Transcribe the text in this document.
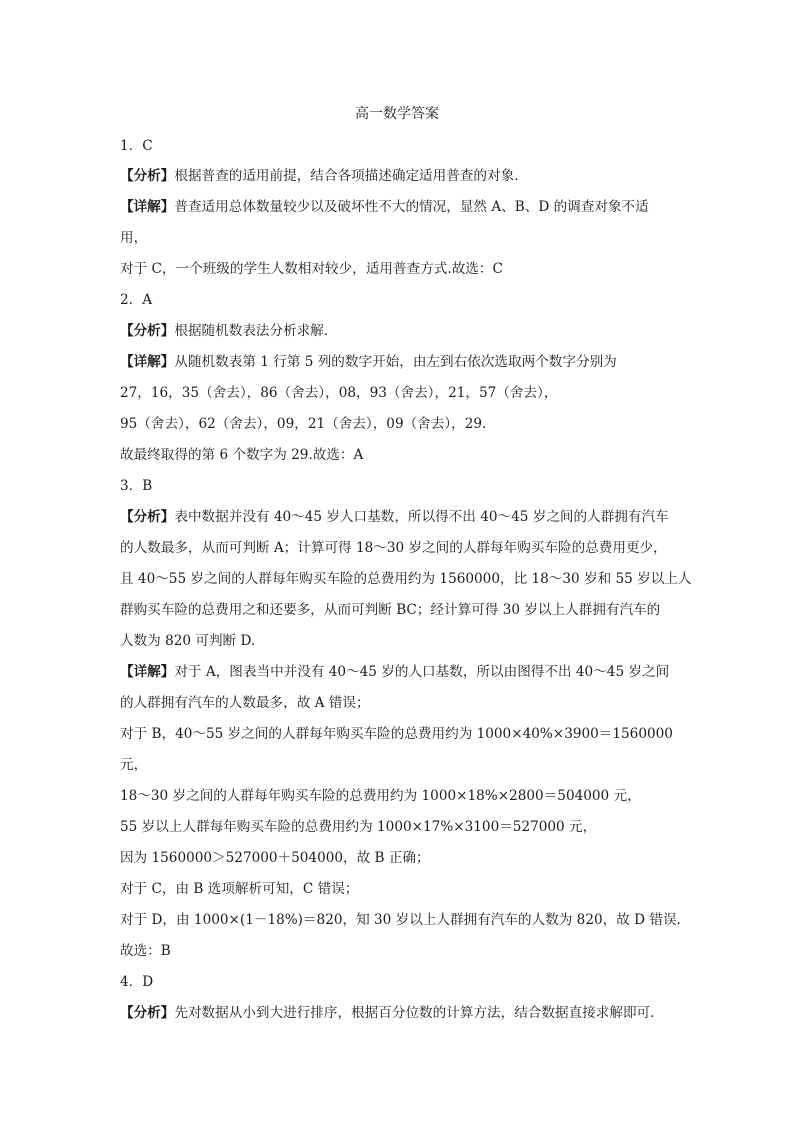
高一数学答案
1．C
【分析】根据普查的适用前提，结合各项描述确定适用普查的对象.
【详解】普查适用总体数量较少以及破坏性不大的情况，显然 A、B、D 的调查对象不适
用，
对于 C，一个班级的学生人数相对较少，适用普查方式.故选：C
2．A
【分析】根据随机数表法分析求解.
【详解】从随机数表第 1 行第 5 列的数字开始，由左到右依次选取两个数字分别为
27，16，35（舍去），86（舍去），08，93（舍去），21，57（舍去），
95（舍去），62（舍去），09，21（舍去），09（舍去），29.
故最终取得的第 6 个数字为 29.故选：A
3．B
【分析】表中数据并没有 40～45 岁人口基数，所以得不出 40～45 岁之间的人群拥有汽车
的人数最多，从而可判断 A；计算可得 18～30 岁之间的人群每年购买车险的总费用更少，
且 40～55 岁之间的人群每年购买车险的总费用约为 1560000，比 18～30 岁和 55 岁以上人
群购买车险的总费用之和还要多，从而可判断 BC；经计算可得 30 岁以上人群拥有汽车的
人数为 820 可判断 D.
【详解】对于 A，图表当中并没有 40～45 岁的人口基数，所以由图得不出 40～45 岁之间
的人群拥有汽车的人数最多，故 A 错误；
对于 B，40～55 岁之间的人群每年购买车险的总费用约为 1000×40%×3900＝1560000
元，
18～30 岁之间的人群每年购买车险的总费用约为 1000×18%×2800＝504000 元，
55 岁以上人群每年购买车险的总费用约为 1000×17%×3100＝527000 元，
因为 1560000＞527000＋504000，故 B 正确；
对于 C，由 B 选项解析可知，C 错误；
对于 D，由 1000×(1－18%)＝820，知 30 岁以上人群拥有汽车的人数为 820，故 D 错误.
故选：B
4．D
【分析】先对数据从小到大进行排序，根据百分位数的计算方法，结合数据直接求解即可.
